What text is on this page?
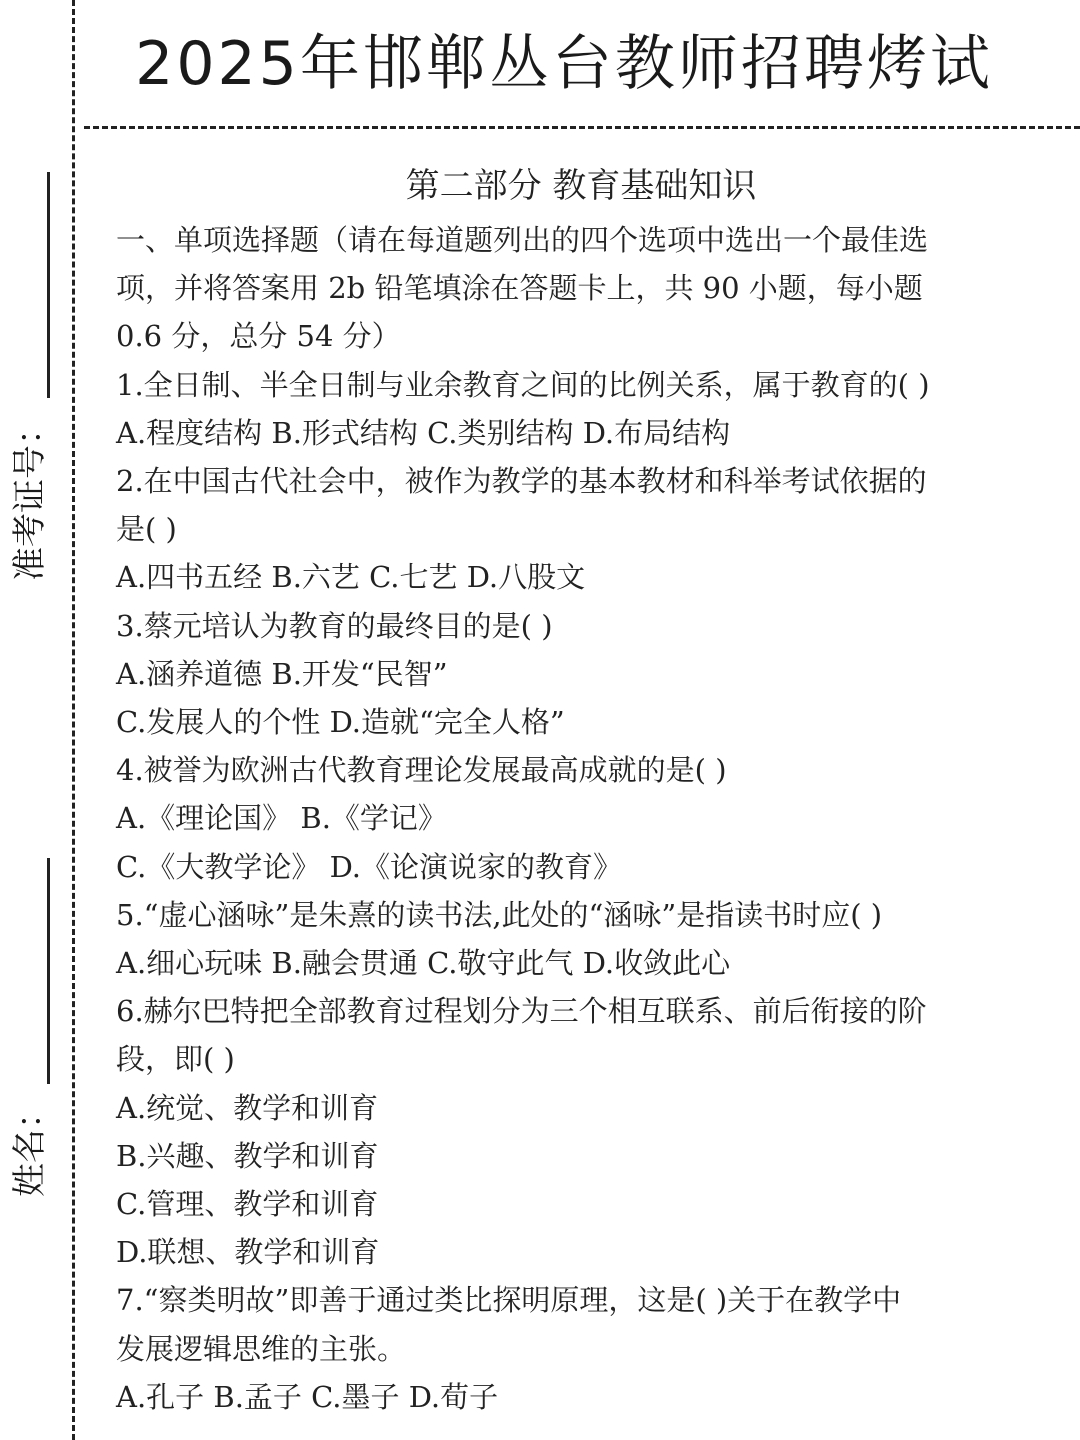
2025年邯郸丛台教师招聘烤试
准考证号：
姓名：
第二部分 教育基础知识

一、单项选择题（请在每道题列出的四个选项中选出一个最佳选

项，并将答案用 2b 铅笔填涂在答题卡上，共 90 小题，每小题

0.6 分，总分 54 分）

1.全日制、半全日制与业余教育之间的比例关系，属于教育的( )

A.程度结构 B.形式结构 C.类别结构 D.布局结构

2.在中国古代社会中，被作为教学的基本教材和科举考试依据的

是( )

A.四书五经 B.六艺 C.七艺 D.八股文

3.蔡元培认为教育的最终目的是( )

A.涵养道德 B.开发“民智”

C.发展人的个性 D.造就“完全人格”

4.被誉为欧洲古代教育理论发展最高成就的是( )

A.《理论国》 B.《学记》

C.《大教学论》 D.《论演说家的教育》

5.“虚心涵咏”是朱熹的读书法,此处的“涵咏”是指读书时应( )

A.细心玩味 B.融会贯通 C.敬守此气 D.收敛此心

6.赫尔巴特把全部教育过程划分为三个相互联系、前后衔接的阶

段，即( )

A.统觉、教学和训育

B.兴趣、教学和训育

C.管理、教学和训育

D.联想、教学和训育

7.“察类明故”即善于通过类比探明原理，这是( )关于在教学中

发展逻辑思维的主张。

A.孔子 B.孟子 C.墨子 D.荀子
